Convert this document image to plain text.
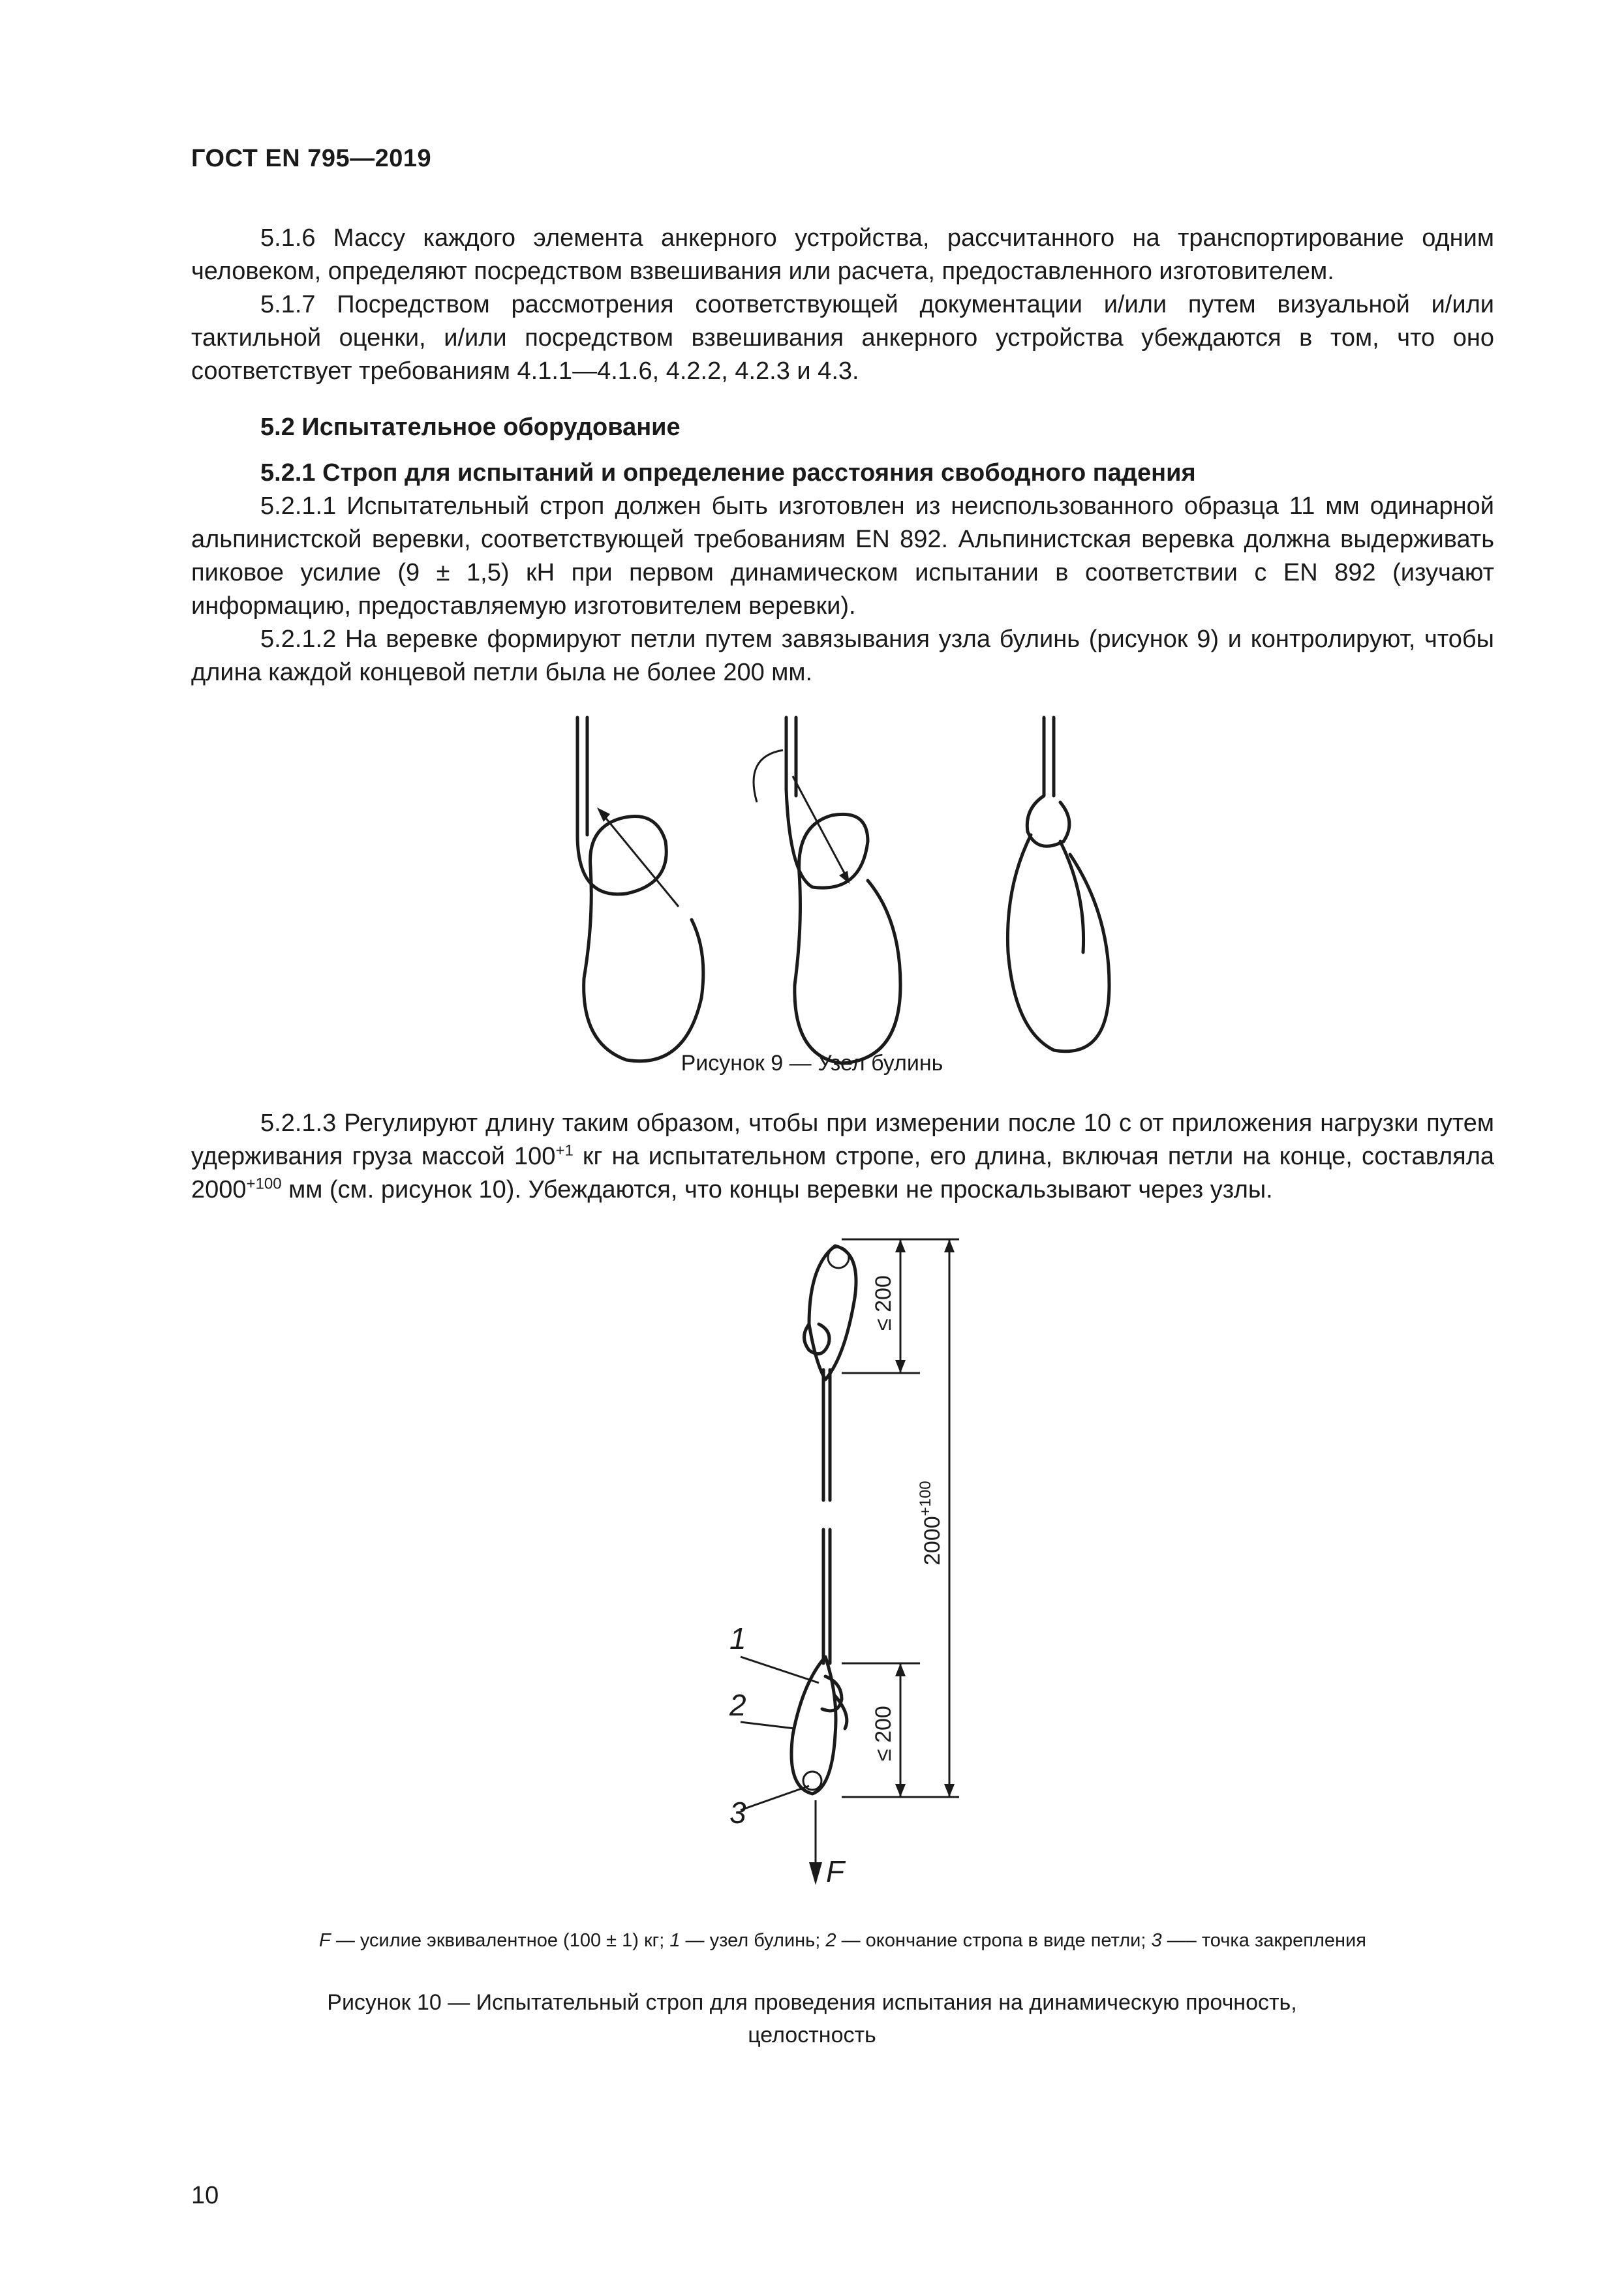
ГОСТ EN 795—2019

5.1.6 Массу каждого элемента анкерного устройства, рассчитанного на транспортирование одним человеком, определяют посредством взвешивания или расчета, предоставленного изготовителем.

5.1.7 Посредством рассмотрения соответствующей документации и/или путем визуальной и/или тактильной оценки, и/или посредством взвешивания анкерного устройства убеждаются в том, что оно соответствует требованиям 4.1.1—4.1.6, 4.2.2, 4.2.3 и 4.3.

5.2 Испытательное оборудование

5.2.1 Строп для испытаний и определение расстояния свободного падения

5.2.1.1 Испытательный строп должен быть изготовлен из неиспользованного образца 11 мм одинарной альпинистской веревки, соответствующей требованиям EN 892. Альпинистская веревка должна выдерживать пиковое усилие (9 ± 1,5) кН при первом динамическом испытании в соответствии с EN 892 (изучают информацию, предоставляемую изготовителем веревки).

5.2.1.2 На веревке формируют петли путем завязывания узла булинь (рисунок 9) и контролируют, чтобы длина каждой концевой петли была не более 200 мм.

Рисунок 9 — Узел булинь

5.2.1.3 Регулируют длину таким образом, чтобы при измерении после 10 с от приложения нагрузки путем удерживания груза массой $100^{+1}$ кг на испытательном стропе, его длина, включая петли на конце, составляла $2000^{+100}$ мм (см. рисунок 10). Убеждаются, что концы веревки не проскальзывают через узлы.

F
≤ 200
$2000^{+100}$
≤ 200
1
2
3
F — усилие эквивалентное (100 ± 1) кг; 1 — узел булинь; 2 — окончание стропа в виде петли; 3 —– точка закрепления
Рисунок 10 — Испытательный строп для проведения испытания на динамическую прочность,
целостность
10
